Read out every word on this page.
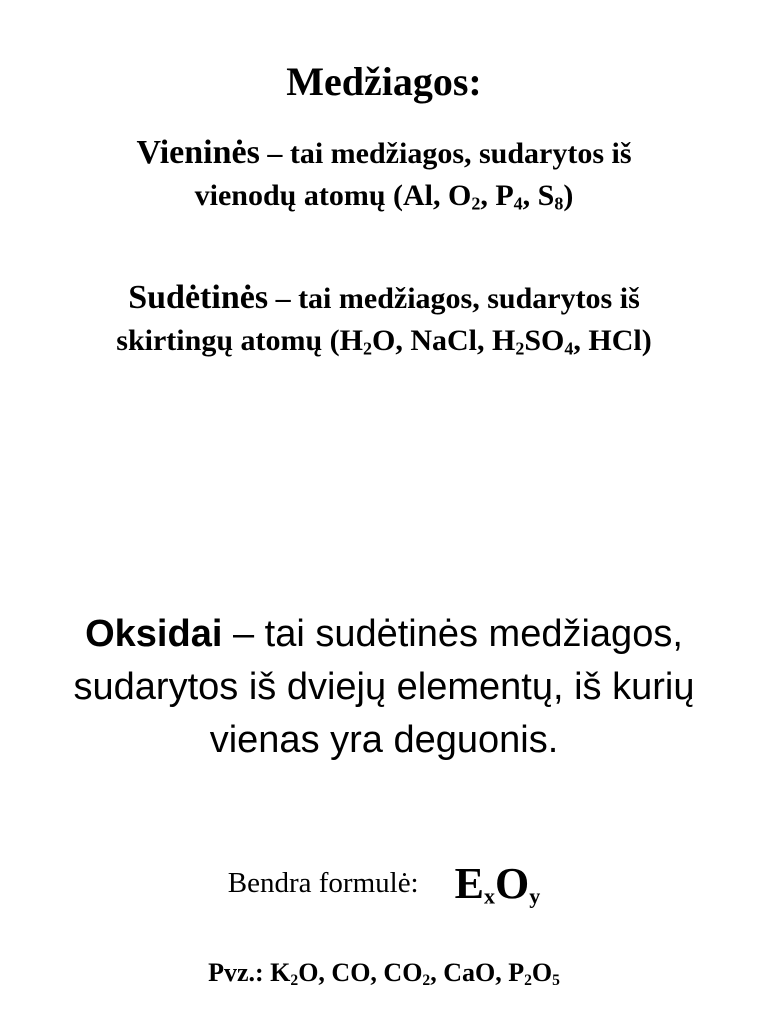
Medžiagos:
Vieninės – tai medžiagos, sudarytos iš
vienodų atomų (Al, $O_2$, $P_4$, $S_8$)
Sudėtinės – tai medžiagos, sudarytos iš
skirtingų atomų ($H_2O$, NaCl, $H_2SO_4$, HCl)
Oksidai – tai sudėtinės medžiagos,
sudarytos iš dviejų elementų, iš kurių
vienas yra deguonis.
Bendra formulė: $E_xO_y$
Pvz.: $K_2O$, CO, $CO_2$, CaO, $P_2O_5$
